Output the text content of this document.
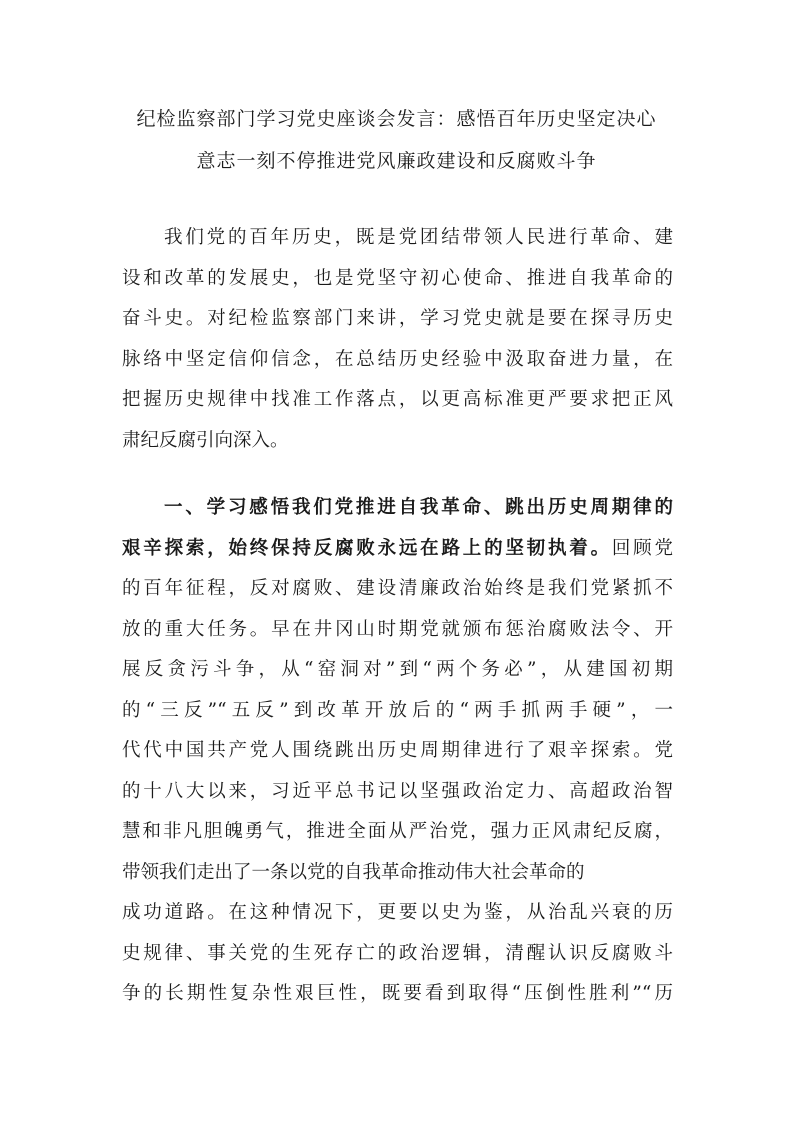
纪检监察部门学习党史座谈会发言：感悟百年历史坚定决心
意志一刻不停推进党风廉政建设和反腐败斗争
我们党的百年历史，既是党团结带领人民进行革命、建
设和改革的发展史，也是党坚守初心使命、推进自我革命的
奋斗史。对纪检监察部门来讲，学习党史就是要在探寻历史
脉络中坚定信仰信念，在总结历史经验中汲取奋进力量，在
把握历史规律中找准工作落点，以更高标准更严要求把正风
肃纪反腐引向深入。
一、学习感悟我们党推进自我革命、跳出历史周期律的
艰辛探索，始终保持反腐败永远在路上的坚韧执着。回顾党
的百年征程，反对腐败、建设清廉政治始终是我们党紧抓不
放的重大任务。早在井冈山时期党就颁布惩治腐败法令、开
展反贪污斗争，从“窑洞对”到“两个务必”，从建国初期
的“三反”“五反”到改革开放后的“两手抓两手硬”，一
代代中国共产党人围绕跳出历史周期律进行了艰辛探索。党
的十八大以来，习近平总书记以坚强政治定力、高超政治智
慧和非凡胆魄勇气，推进全面从严治党，强力正风肃纪反腐，
带领我们走出了一条以党的自我革命推动伟大社会革命的
成功道路。在这种情况下，更要以史为鉴，从治乱兴衰的历
史规律、事关党的生死存亡的政治逻辑，清醒认识反腐败斗
争的长期性复杂性艰巨性，既要看到取得“压倒性胜利”“历
